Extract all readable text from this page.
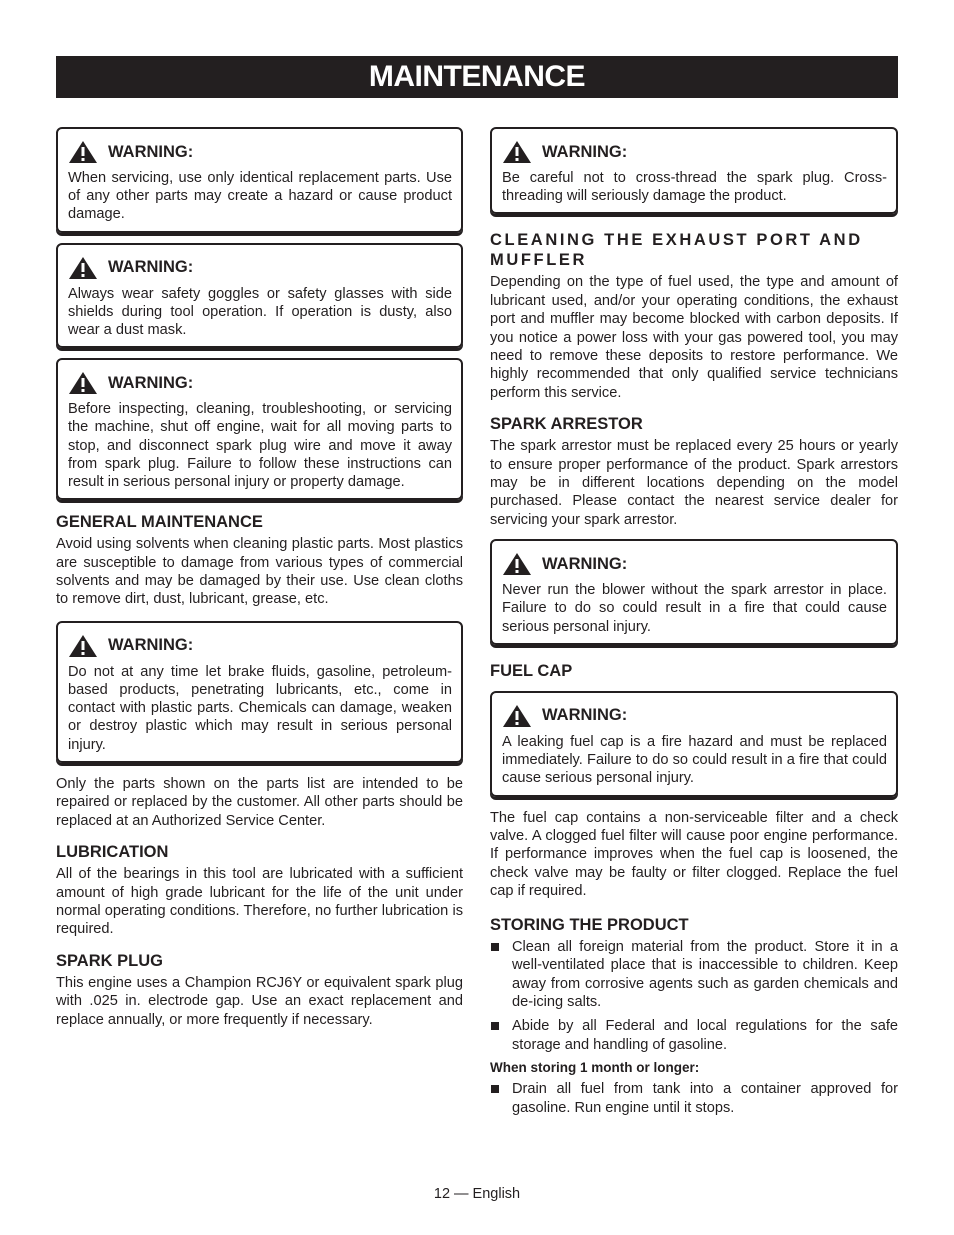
MAINTENANCE
WARNING:
When servicing, use only identical replacement parts. Use of any other parts may create a hazard or cause product damage.
WARNING:
Always wear safety goggles or safety glasses with side shields during tool operation. If operation is dusty, also wear a dust mask.
WARNING:
Before inspecting, cleaning, troubleshooting, or servicing the machine, shut off engine, wait for all moving parts to stop, and disconnect spark plug wire and move it away from spark plug. Failure to follow these instructions can result in serious personal injury or property damage.
GENERAL MAINTENANCE
Avoid using solvents when cleaning plastic parts. Most plastics are susceptible to damage from various types of commercial solvents and may be damaged by their use. Use clean cloths to remove dirt, dust, lubricant, grease, etc.
WARNING:
Do not at any time let brake fluids, gasoline, petroleum-based products, penetrating lubricants, etc., come in contact with plastic parts. Chemicals can damage, weaken or destroy plastic which may result in serious personal injury.
Only the parts shown on the parts list are intended to be repaired or replaced by the customer. All other parts should be replaced at an Authorized Service Center.
LUBRICATION
All of the bearings in this tool are lubricated with a sufficient amount of high grade lubricant for the life of the unit under normal operating conditions. Therefore, no further lubrication is required.
SPARK PLUG
This engine uses a Champion RCJ6Y or equivalent spark plug with .025 in. electrode gap. Use an exact replacement and replace annually, or more frequently if necessary.
WARNING:
Be careful not to cross-thread the spark plug. Cross-threading will seriously damage the product.
CLEANING THE EXHAUST PORT AND MUFFLER
Depending on the type of fuel used, the type and amount of lubricant used, and/or your operating conditions, the exhaust port and muffler may become blocked with carbon deposits. If you notice a power loss with your gas powered tool, you may need to remove these deposits to restore performance. We highly recommended that only qualified service technicians perform this service.
SPARK ARRESTOR
The spark arrestor must be replaced every 25 hours or yearly to ensure proper performance of the product. Spark arrestors may be in different locations depending on the model purchased. Please contact the nearest service dealer for servicing your spark arrestor.
WARNING:
Never run the blower without the spark arrestor in place. Failure to do so could result in a fire that could cause serious personal injury.
FUEL CAP
WARNING:
A leaking fuel cap is a fire hazard and must be replaced immediately. Failure to do so could result in a fire that could cause serious personal injury.
The fuel cap contains a non-serviceable filter and a check valve. A clogged fuel filter will cause poor engine performance. If performance improves when the fuel cap is loosened, the check valve may be faulty or filter clogged. Replace the fuel cap if required.
STORING THE PRODUCT
Clean all foreign material from the product. Store it in a well-ventilated place that is inaccessible to children. Keep away from corrosive agents such as garden chemicals and de-icing salts.
Abide by all Federal and local regulations for the safe storage and handling of gasoline.
When storing 1 month or longer:
Drain all fuel from tank into a container approved for gasoline. Run engine until it stops.
12 — English
